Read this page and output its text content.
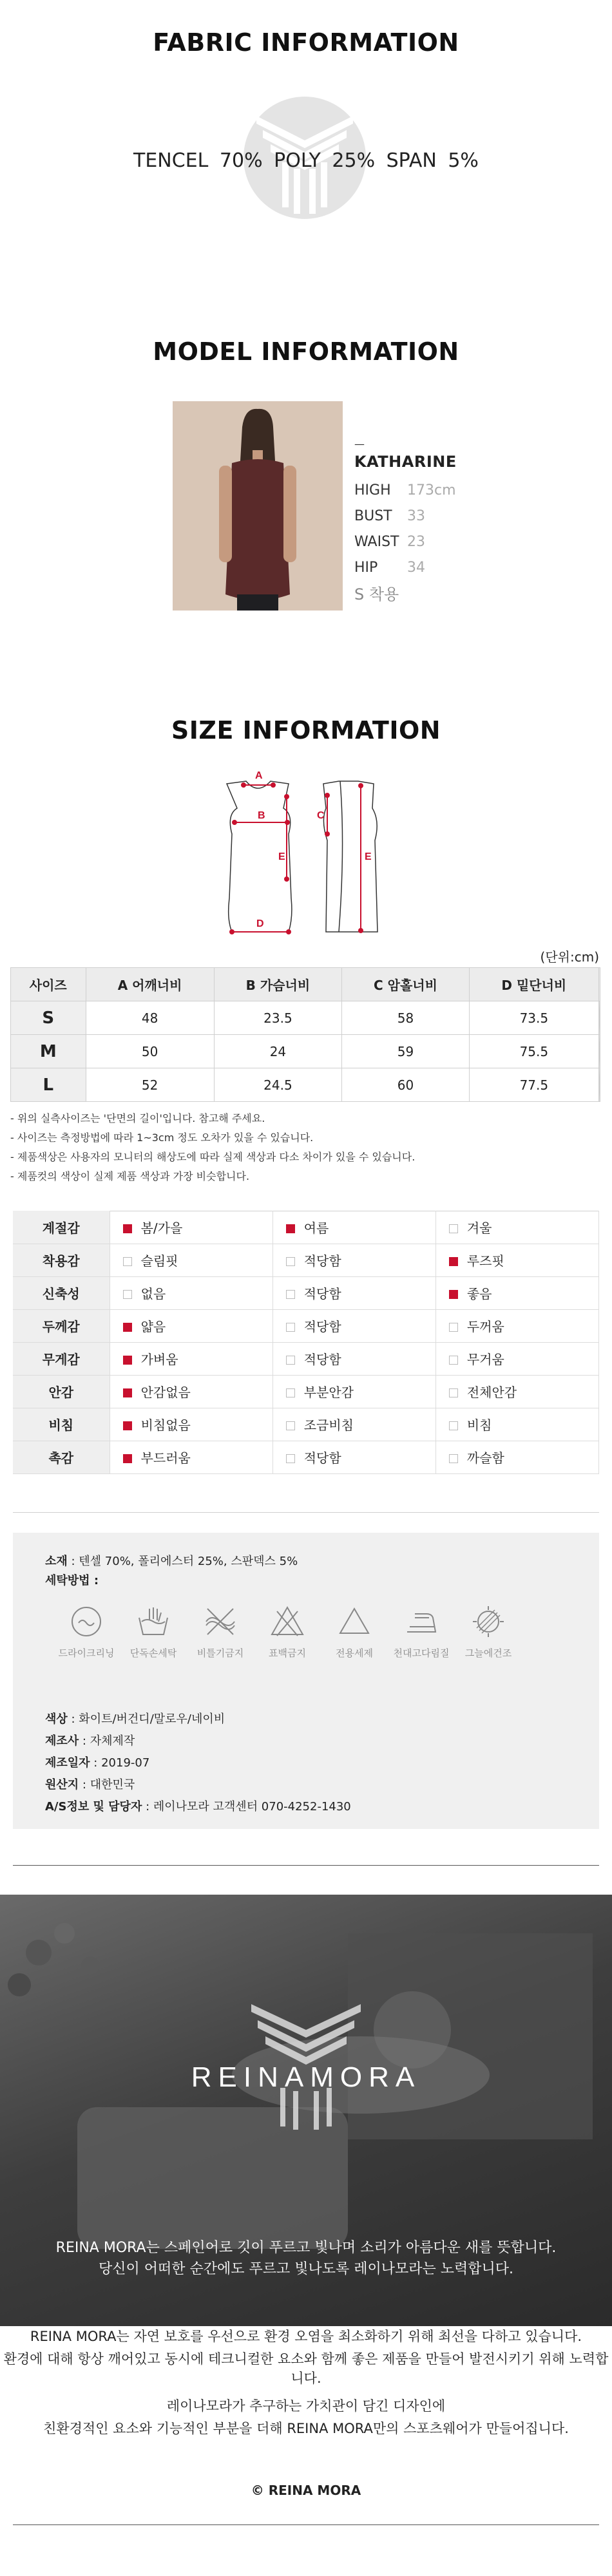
FABRIC INFORMATION
TENCEL 70% POLY 25% SPAN 5%
MODEL INFORMATION
—
KATHARINE
HIGH	173cm
BUST	33
WAIST 23
HIP	34
S 착용
SIZE INFORMATION
A
B	C
D
E	E
(단위:cm)
사이즈	A 어깨너비	B 가슴너비	C 암홀너비	D 밑단너비	
S	48	23.5	58	73.5	
M	50	24	59	75.5	
L	52	24.5	60	77.5	
- 위의 실측사이즈는 '단면의 길이'입니다. 참고해 주세요.
- 사이즈는 측정방법에 따라 1~3cm 정도 오차가 있을 수 있습니다.
- 제품색상은 사용자의 모니터의 해상도에 따라 실제 색상과 다소 차이가 있을 수 있습니다.
- 제품컷의 색상이 실제 제품 색상과 가장 비슷합니다.
계절감	봄/가을	여름	겨울
착용감	슬림핏	적당함	루즈핏
신축성	없음	적당함	좋음
두께감	얇음	적당함	두꺼움
무게감	가벼움	적당함	무거움
안감	안감없음	부분안감	전체안감
비침	비침없음	조금비침	비침
촉감	부드러움	적당함	까슬함
소재 : 텐셀 70%, 폴리에스터 25%, 스판덱스 5%
세탁방법 :
드라이크리닝	단독손세탁	비틀기금지	표백금지	전용세제	천대고다림질	그늘에건조
색상 : 화이트/버건디/말로우/네이비
제조사 : 자체제작
제조일자 : 2019-07
원산지 : 대한민국
A/S정보 및 담당자 : 레이나모라 고객센터 070-4252-1430
REINAMORA
REINA MORA는 스페인어로 깃이 푸르고 빛나며 소리가 아름다운 새를 뜻합니다.
당신이 어떠한 순간에도 푸르고 빛나도록 레이나모라는 노력합니다.
REINA MORA는 자연 보호를 우선으로 환경 오염을 최소화하기 위해 최선을 다하고 있습니다.
환경에 대해 항상 깨어있고 동시에 테크니컬한 요소와 함께 좋은 제품을 만들어 발전시키기 위해 노력합니다.
레이나모라가 추구하는 가치관이 담긴 디자인에
친환경적인 요소와 기능적인 부분을 더해 REINA MORA만의 스포츠웨어가 만들어집니다.
© REINA MORA
